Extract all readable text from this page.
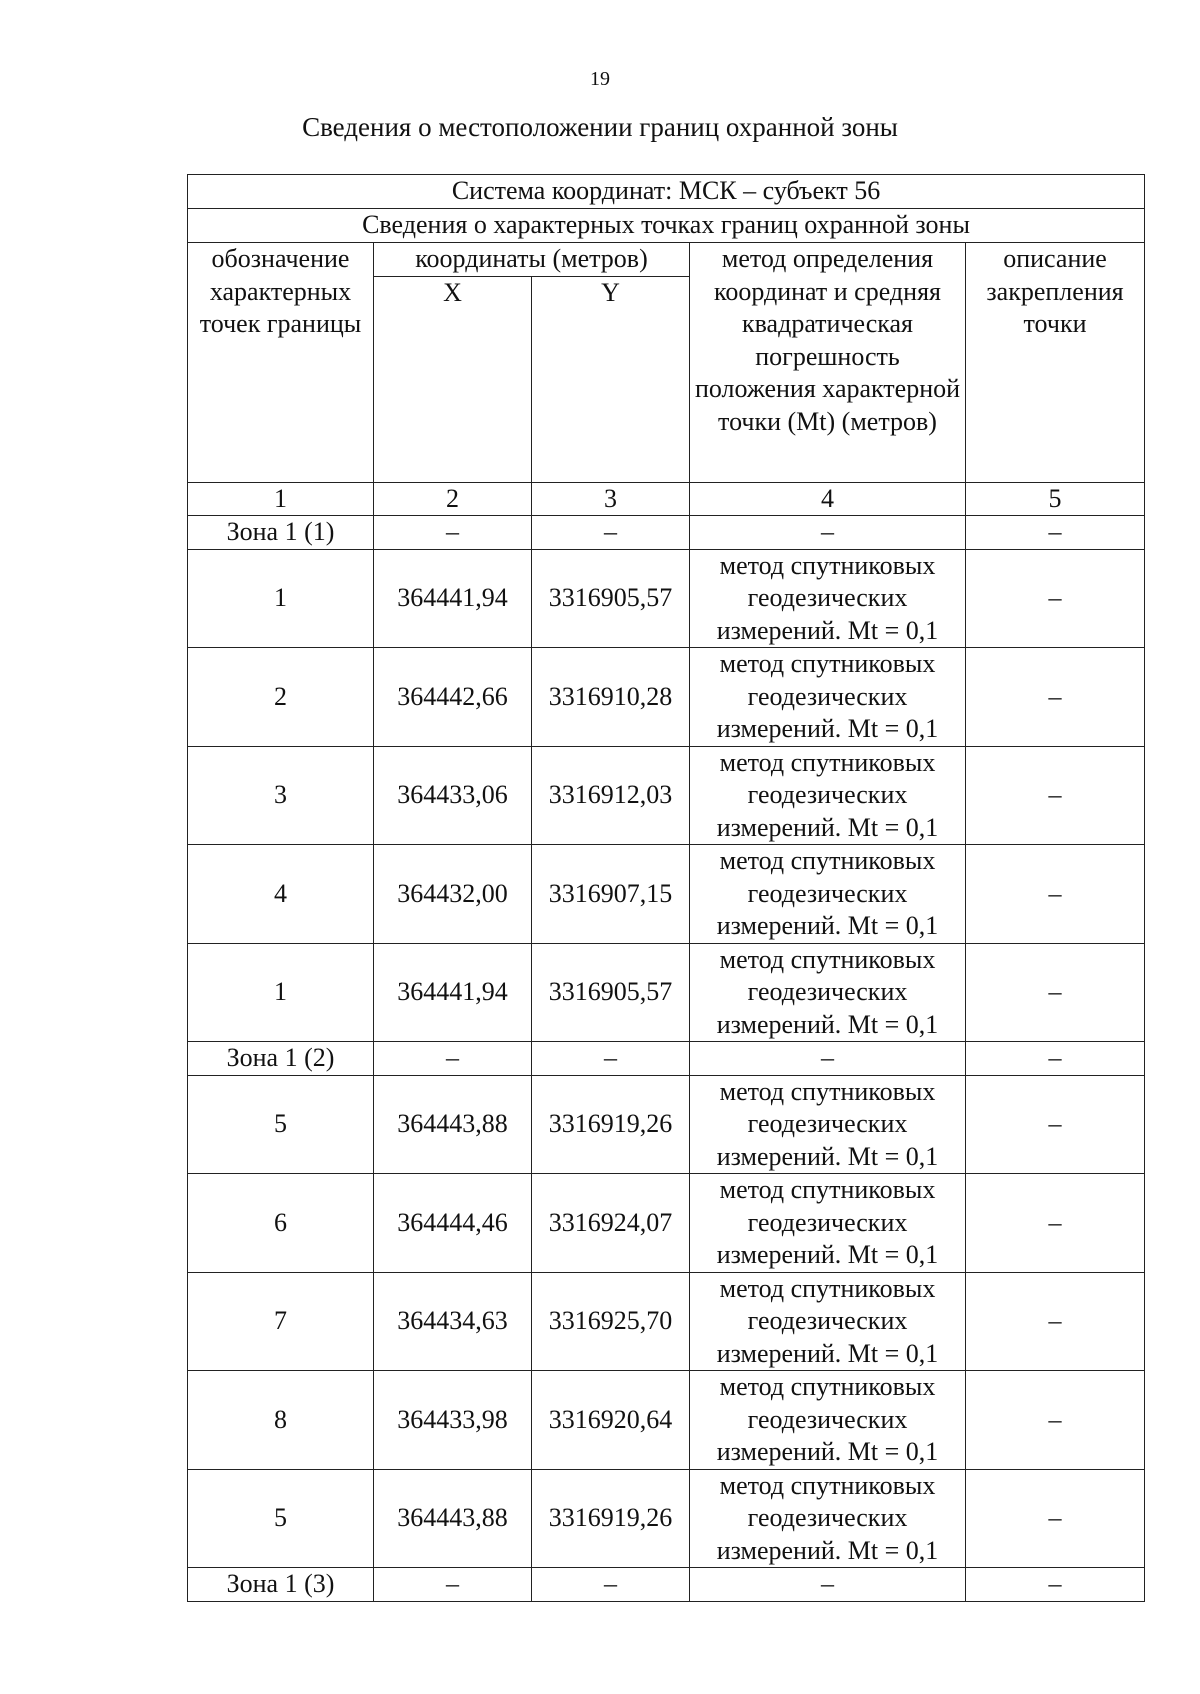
19
Сведения о местоположении границ охранной зоны
Система координат: МСК – субъект 56				
Сведения о характерных точках границ охранной зоны				
обозначение характерных точек границы	координаты (метров)		метод определения координат и средняя квадратическая погрешность положения характерной точки (Mt) (метров)	описание закрепления точки
	X	Y		
1	2	3	4	5
Зона 1 (1)	–	–	–	–
1	364441,94	3316905,57	метод спутниковых геодезических измерений. Mt = 0,1	–
2	364442,66	3316910,28	метод спутниковых геодезических измерений. Mt = 0,1	–
3	364433,06	3316912,03	метод спутниковых геодезических измерений. Mt = 0,1	–
4	364432,00	3316907,15	метод спутниковых геодезических измерений. Mt = 0,1	–
1	364441,94	3316905,57	метод спутниковых геодезических измерений. Mt = 0,1	–
Зона 1 (2)	–	–	–	–
5	364443,88	3316919,26	метод спутниковых геодезических измерений. Mt = 0,1	–
6	364444,46	3316924,07	метод спутниковых геодезических измерений. Mt = 0,1	–
7	364434,63	3316925,70	метод спутниковых геодезических измерений. Mt = 0,1	–
8	364433,98	3316920,64	метод спутниковых геодезических измерений. Mt = 0,1	–
5	364443,88	3316919,26	метод спутниковых геодезических измерений. Mt = 0,1	–
Зона 1 (3)	–	–	–	–
